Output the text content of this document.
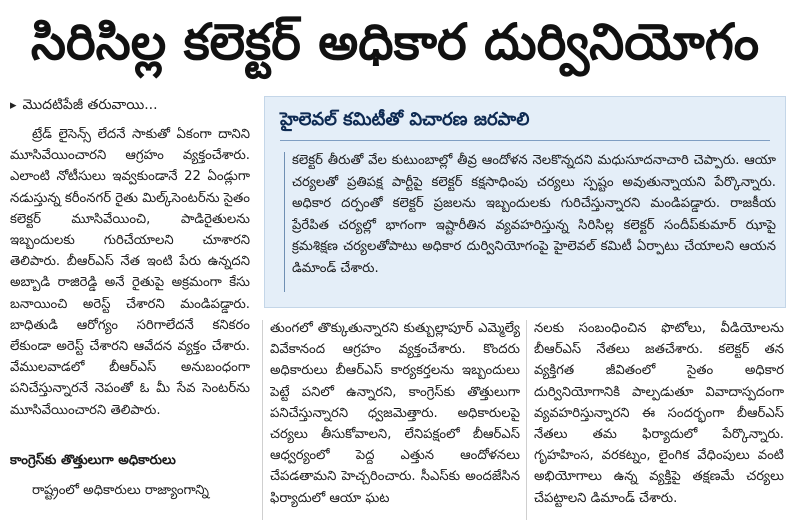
సిరిసిల్ల కలెక్టర్ అధికార దుర్వినియోగం
▸ మొదటిపేజీ తరువాయి...

ట్రేడ్ లైసెన్స్ లేదనే సాకుతో ఏకంగా దానిని మూసివేయించారని ఆగ్రహం వ్యక్తంచేశారు. ఎలాంటి నోటీసులు ఇవ్వకుండానే 22 ఏండ్లుగా నడుస్తున్న కరీంనగర్ రైతు మిల్క్‌సెంటర్‌ను సైతం కలెక్టర్ మూసివేయించి, పాడిరైతులను ఇబ్బందులకు గురిచేయాలని చూశారని తెలిపారు. బీఆర్ఎస్ నేత ఇంటి పేరు ఉన్నదని అబ్బాడి రాజిరెడ్డి అనే రైతుపై అక్రమంగా కేసు బనాయించి అరెస్ట్ చేశారని మండిపడ్డారు. బాధితుడి ఆరోగ్యం సరిగాలేదనే కనికరం లేకుండా అరెస్ట్ చేశారని ఆవేదన వ్యక్తం చేశారు. వేములవాడలో బీఆర్ఎస్ అనుబంధంగా పనిచేస్తున్నారనే నెపంతో ఓ మీ సేవ సెంటర్‌ను మూసివేయించారని తెలిపారు.

కాంగ్రెస్‌కు తొత్తులుగా అధికారులు
రాష్ట్రంలో అధికారులు రాజ్యాంగాన్ని
హైలెవల్ కమిటీతో విచారణ జరపాలి
కలెక్టర్ తీరుతో వేల కుటుంబాల్లో తీవ్ర ఆందోళన నెలకొన్నదని మధుసూదనాచారి చెప్పారు. ఆయా చర్యలతో ప్రతిపక్ష పార్టీపై కలెక్టర్ కక్షసాధింపు చర్యలు స్పష్టం అవుతున్నాయని పేర్కొన్నారు. అధికార దర్పంతో కలెక్టర్ ప్రజలను ఇబ్బందులకు గురిచేస్తున్నారని మండిపడ్డారు. రాజకీయ ప్రేరేపిత చర్యల్లో భాగంగా ఇష్టారీతిన వ్యవహరిస్తున్న సిరిసిల్ల కలెక్టర్ సందీప్‌కుమార్ ఝాపై క్రమశిక్షణ చర్యలతోపాటు అధికార దుర్వినియోగంపై హైలెవల్ కమిటీ ఏర్పాటు చేయాలని ఆయన డిమాండ్ చేశారు.

తుంగలో తొక్కుతున్నారని కుత్బుల్లాపూర్ ఎమ్మెల్యే వివేకానంద ఆగ్రహం వ్యక్తంచేశారు. కొందరు అధికారులు బీఆర్ఎస్ కార్యకర్తలను ఇబ్బందులు పెట్టే పనిలో ఉన్నారని, కాంగ్రెస్‌కు తొత్తులుగా పనిచేస్తున్నారని ధ్వజమెత్తారు. అధికారులపై చర్యలు తీసుకోవాలని, లేనిపక్షంలో బీఆర్ఎస్ ఆధ్వర్యంలో పెద్ద ఎత్తున ఆందోళనలు చేపడతామని హెచ్చరించారు. సీఎస్‌కు అందజేసిన ఫిర్యాదులో ఆయా ఘట

నలకు సంబంధించిన ఫొటోలు, వీడియోలను బీఆర్ఎస్ నేతలు జతచేశారు. కలెక్టర్ తన వ్యక్తిగత జీవితంలో సైతం అధికార దుర్వినియోగానికి పాల్పడుతూ వివాదాస్పదంగా వ్యవహరిస్తున్నారని ఈ సందర్భంగా బీఆర్ఎస్ నేతలు తమ ఫిర్యాదులో పేర్కొన్నారు. గృహహింస, వరకట్నం, లైంగిక వేధింపులు వంటి అభియోగాలు ఉన్న వ్యక్తిపై తక్షణమే చర్యలు చేపట్టాలని డిమాండ్ చేశారు.
